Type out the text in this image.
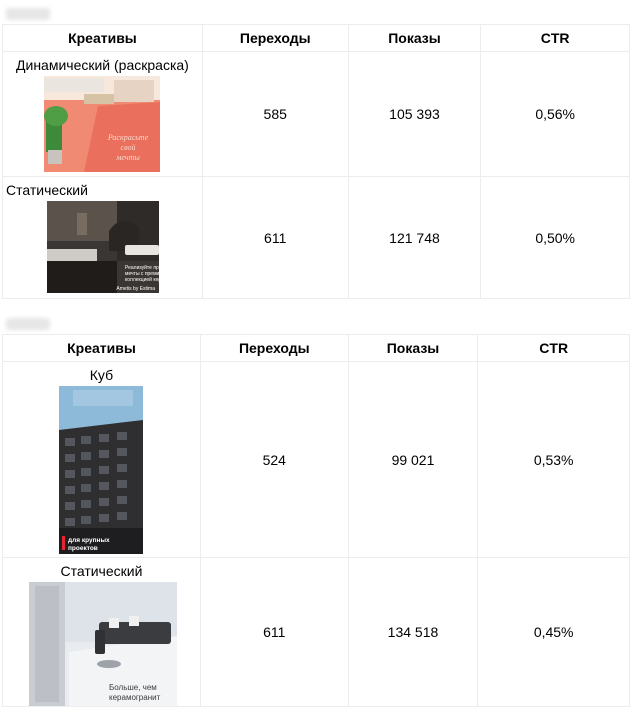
Креативы	Переходы	Показы	CTR

Динамический (раскраска)
Раскрасьте
свой
мечты	585	105 393	0,56%

Статический
Реализуйте проект вашей
мечты с премиальной
коллекцией керамогранита
Ametis by Estima	611	121 748	0,50%
Креативы	Переходы	Показы	CTR

Куб
для крупных
проектов	524	99 021	0,53%

Статический
Больше, чем
керамогранит	611	134 518	0,45%
